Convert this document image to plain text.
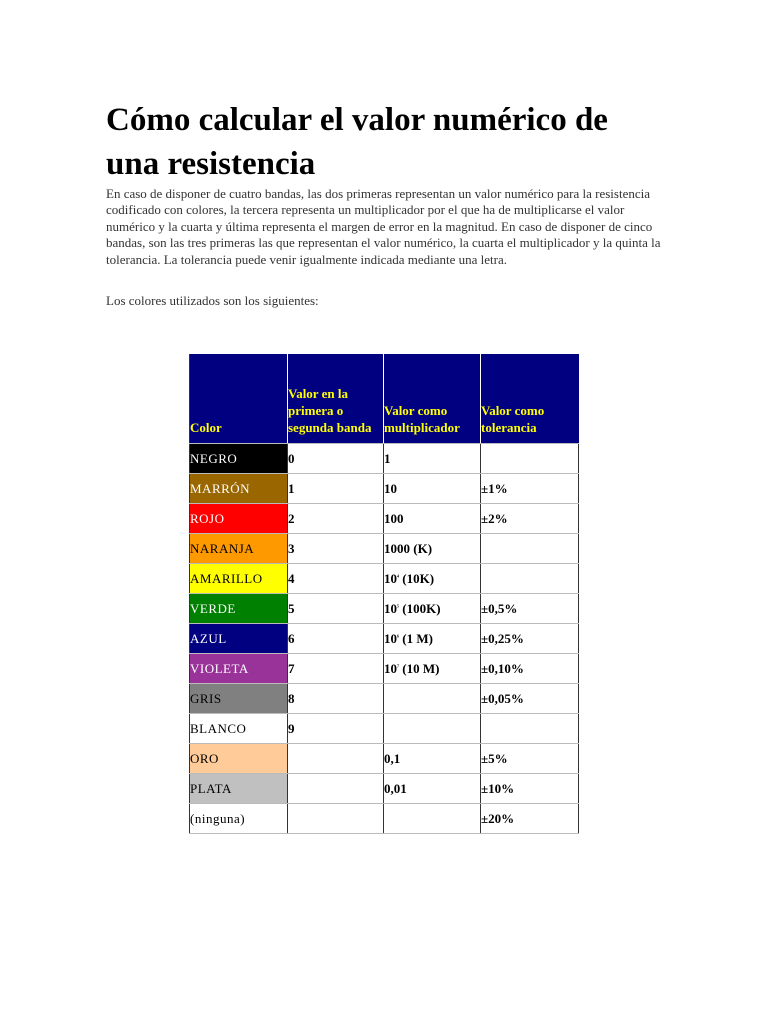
Cómo calcular el valor numérico de una resistencia

En caso de disponer de cuatro bandas, las dos primeras representan un valor numérico para la resistencia codificado con colores, la tercera representa un multiplicador por el que ha de multiplicarse el valor numérico y la cuarta y última representa el margen de error en la magnitud. En caso de disponer de cinco bandas, son las tres primeras las que representan el valor numérico, la cuarta el multiplicador y la quinta la tolerancia. La tolerancia puede venir igualmente indicada mediante una letra.

Los colores utilizados son los siguientes:

Color	Valor en la primera o segunda banda	Valor como multiplicador	Valor como tolerancia
NEGRO	0	1	
MARRÓN	1	10	±1%
ROJO	2	100	±2%
NARANJA	3	1000 (K)	
AMARILLO	4	$10^4$ (10K)	
VERDE	5	$10^5$ (100K)	±0,5%
AZUL	6	$10^6$ (1 M)	±0,25%
VIOLETA	7	$10^7$ (10 M)	±0,10%
GRIS	8		±0,05%
BLANCO	9		
ORO		0,1	±5%
PLATA		0,01	±10%
(ninguna)			±20%
